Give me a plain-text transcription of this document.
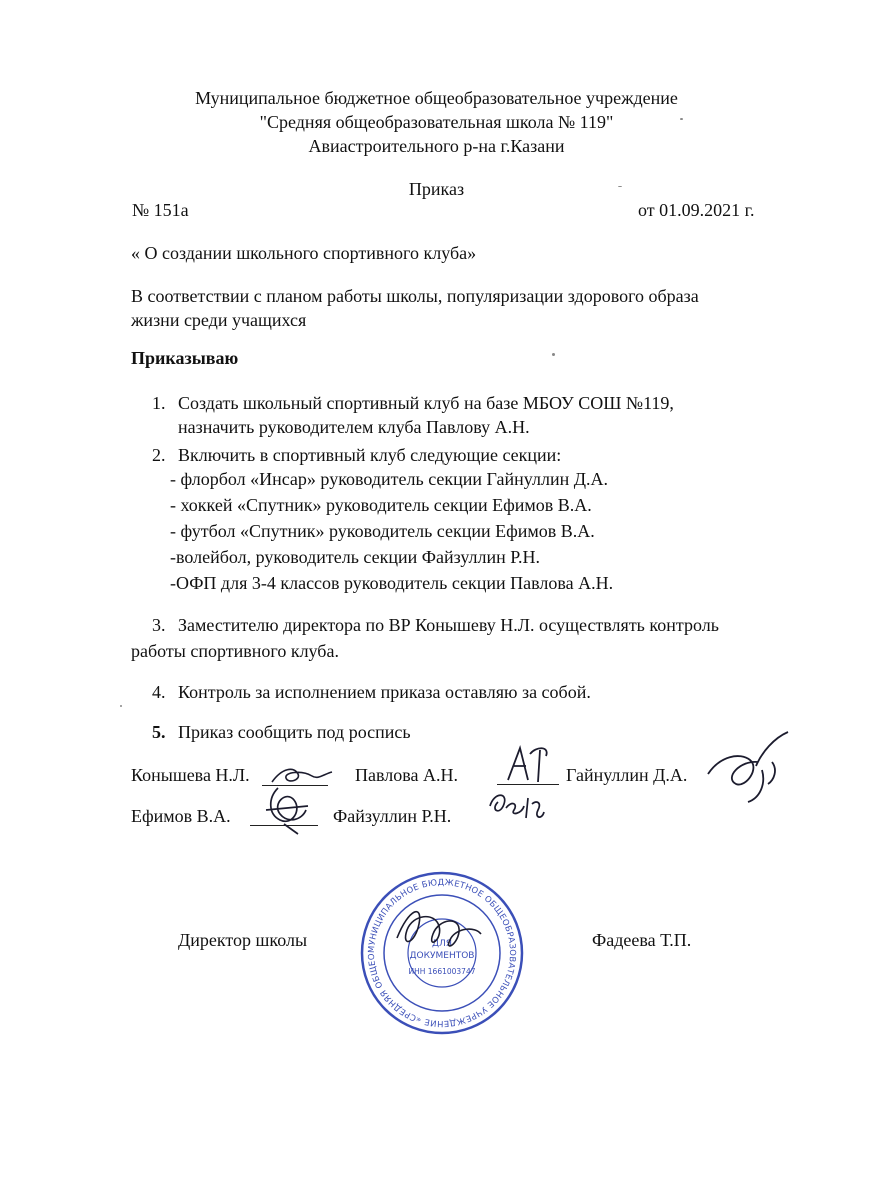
Муниципальное бюджетное общеобразовательное учреждение
"Средняя общеобразовательная школа № 119"
Авиастроительного р-на г.Казани
Приказ
№ 151а	от 01.09.2021 г.
« О создании школьного спортивного клуба»
В соответствии с планом работы школы, популяризации здорового образа
жизни среди учащихся
Приказываю
1. Создать школьный спортивный клуб на базе МБОУ СОШ №119,
назначить руководителем клуба Павлову А.Н.
2. Включить в спортивный клуб следующие секции:
- флорбол «Инсар» руководитель секции Гайнуллин Д.А.
- хоккей «Спутник» руководитель секции Ефимов В.А.
- футбол «Спутник» руководитель секции Ефимов В.А.
-волейбол, руководитель секции Файзуллин Р.Н.
-ОФП для 3-4 классов руководитель секции Павлова А.Н.
3. Заместителю директора по ВР Конышеву Н.Л. осуществлять контроль
работы спортивного клуба.
4. Контроль за исполнением приказа оставляю за собой.
5. Приказ сообщить под роспись
Конышева Н.Л.	Павлова А.Н.	Гайнуллин Д.А.
Ефимов В.А.	Файзуллин Р.Н.
Директор школы	Фадеева Т.П.
МУНИЦИПАЛЬНОЕ БЮДЖЕТНОЕ ОБЩЕОБРАЗОВАТЕЛЬНОЕ УЧРЕЖДЕНИЕ «СРЕДНЯЯ ОБЩЕОБРАЗОВАТЕЛЬНАЯ ШКОЛА № 119» РЕСПУБЛИКА ТАТАРСТАН г. КАЗАНЬ
ДЛЯ
ДОКУМЕНТОВ
ИНН 1661003747
